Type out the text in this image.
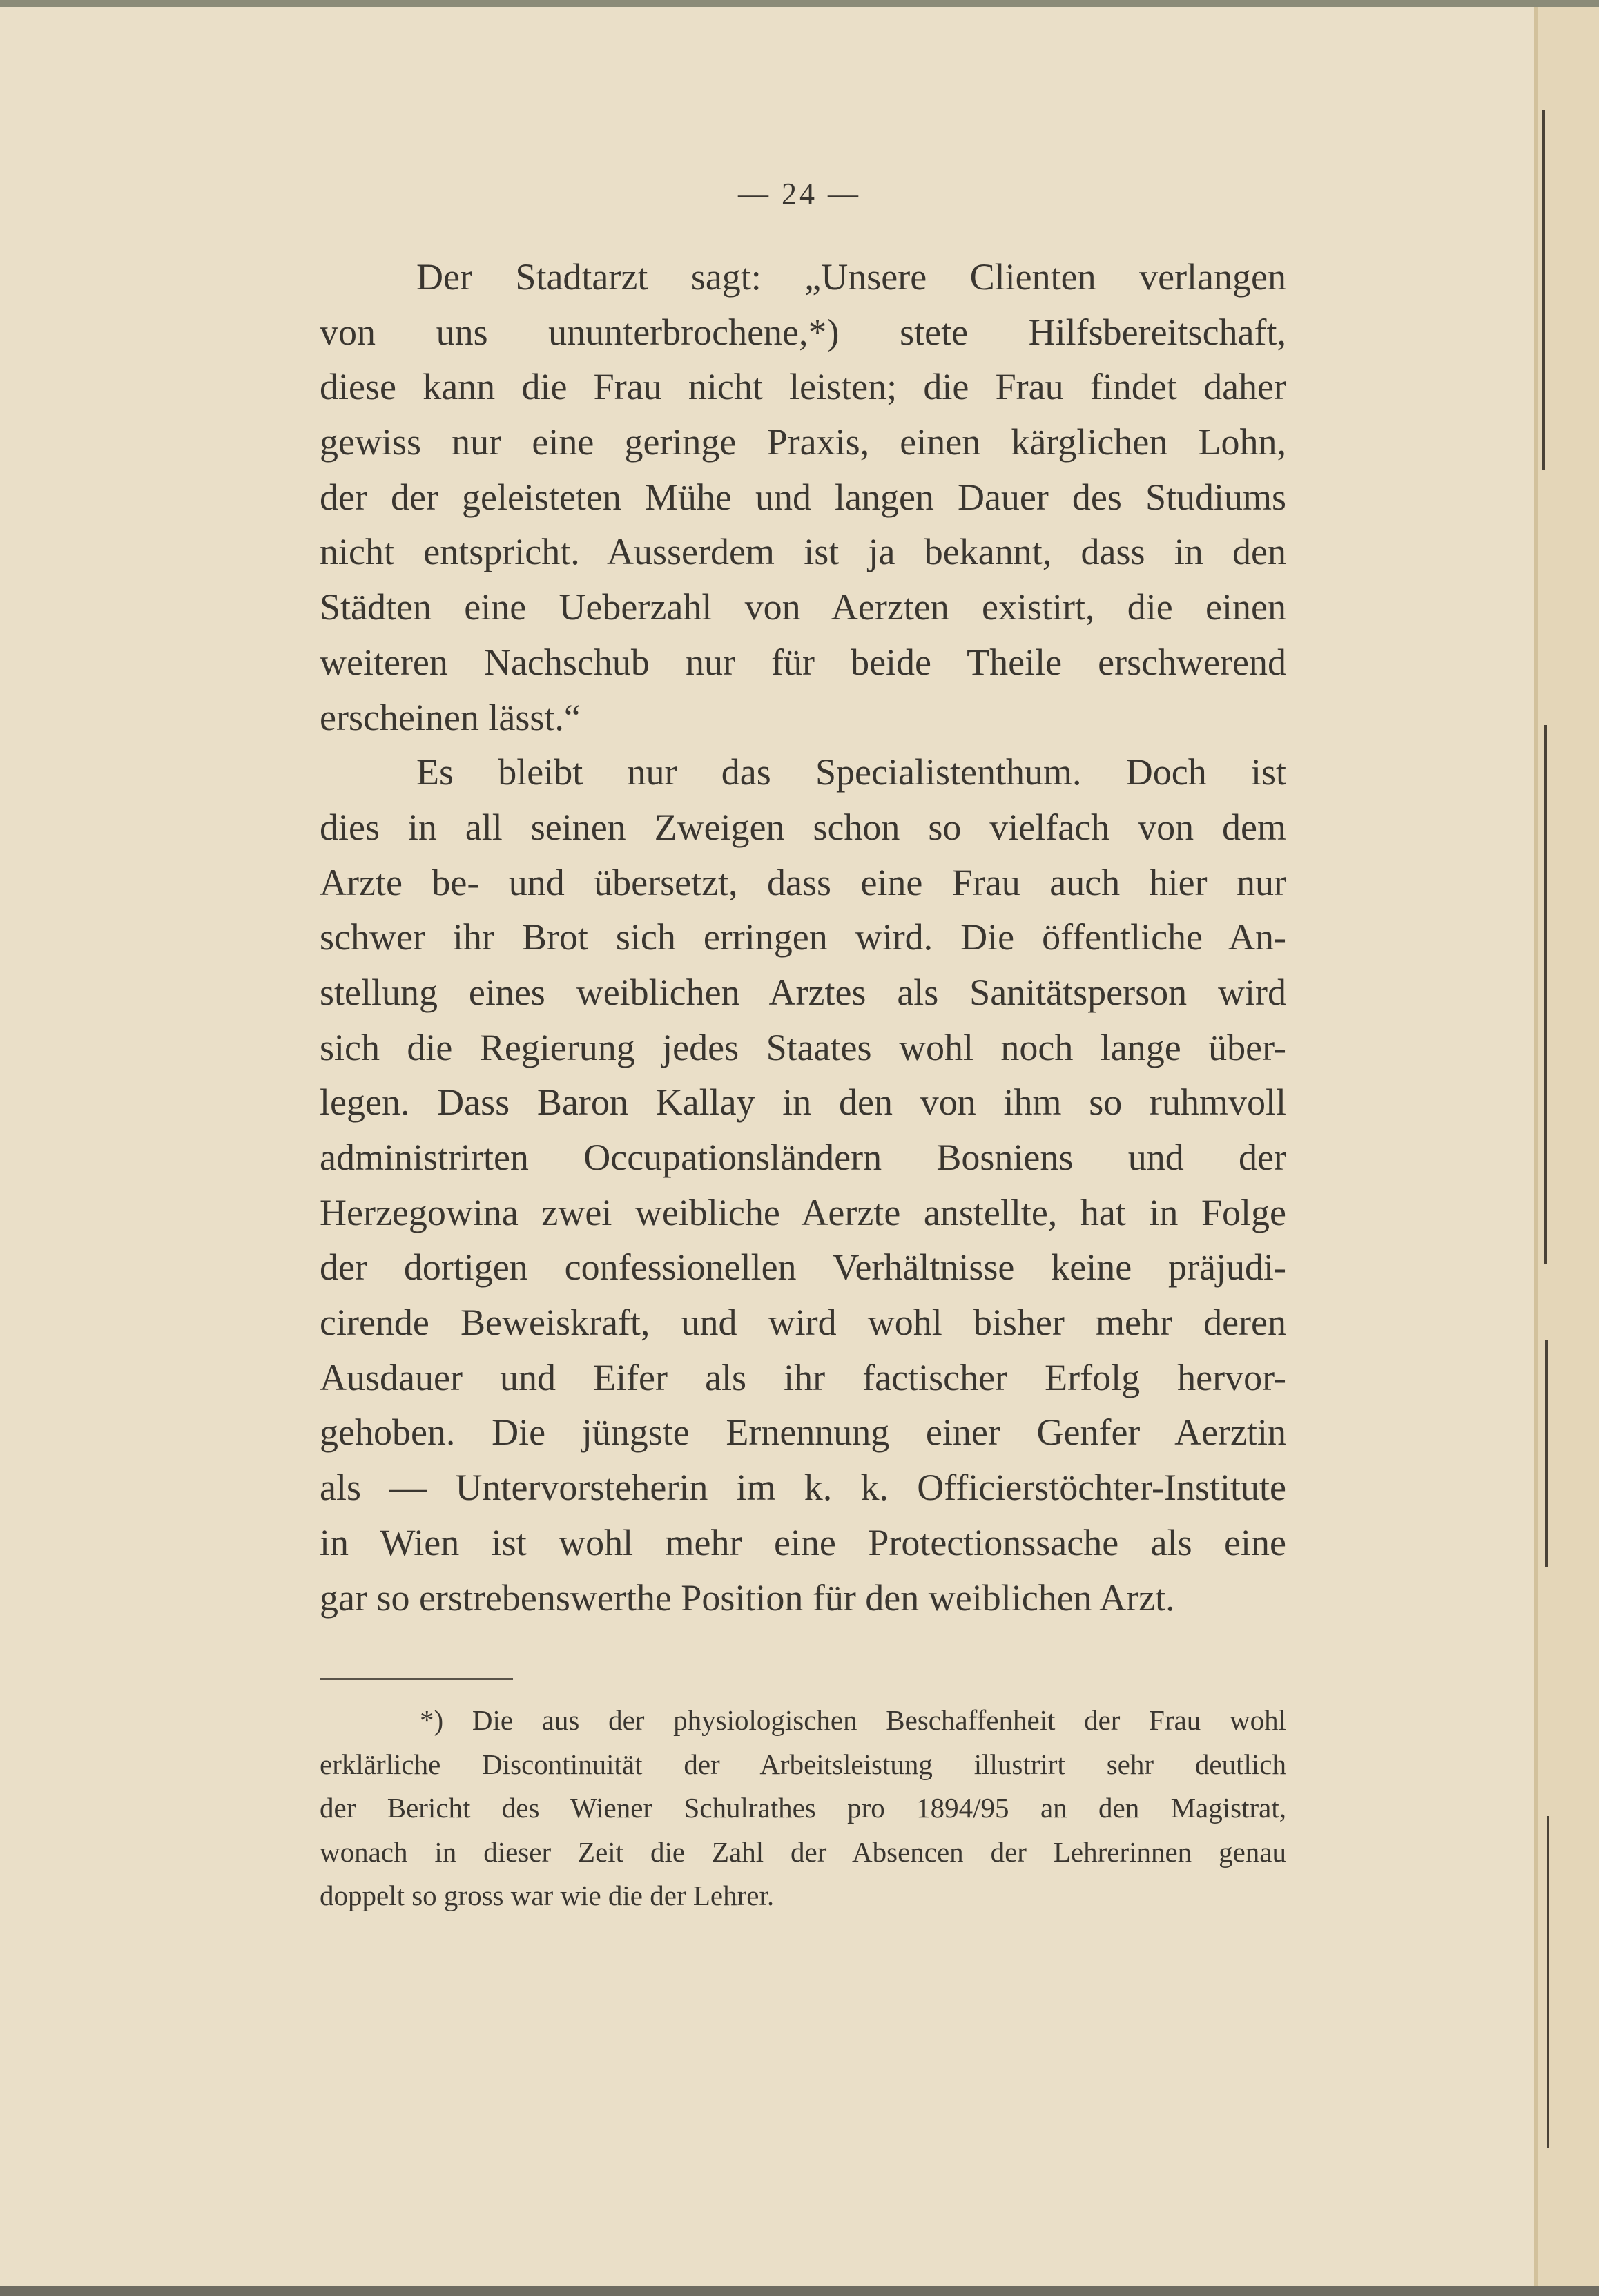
— 24 —
Der Stadtarzt sagt: „Unsere Clienten verlangen
von uns ununterbrochene,*) stete Hilfsbereitschaft,
diese kann die Frau nicht leisten; die Frau findet daher
gewiss nur eine geringe Praxis, einen kärglichen Lohn,
der der geleisteten Mühe und langen Dauer des Studiums
nicht entspricht. Ausserdem ist ja bekannt, dass in den
Städten eine Ueberzahl von Aerzten existirt, die einen
weiteren Nachschub nur für beide Theile erschwerend
erscheinen lässt.“
Es bleibt nur das Specialistenthum. Doch ist
dies in all seinen Zweigen schon so vielfach von dem
Arzte be- und übersetzt, dass eine Frau auch hier nur
schwer ihr Brot sich erringen wird. Die öffentliche An-
stellung eines weiblichen Arztes als Sanitätsperson wird
sich die Regierung jedes Staates wohl noch lange über-
legen. Dass Baron Kallay in den von ihm so ruhmvoll
administrirten Occupationsländern Bosniens und der
Herzegowina zwei weibliche Aerzte anstellte, hat in Folge
der dortigen confessionellen Verhältnisse keine präjudi-
cirende Beweiskraft, und wird wohl bisher mehr deren
Ausdauer und Eifer als ihr factischer Erfolg hervor-
gehoben. Die jüngste Ernennung einer Genfer Aerztin
als — Untervorsteherin im k. k. Officierstöchter-Institute
in Wien ist wohl mehr eine Protectionssache als eine
gar so erstrebenswerthe Position für den weiblichen Arzt.
*) Die aus der physiologischen Beschaffenheit der Frau wohl
erklärliche Discontinuität der Arbeitsleistung illustrirt sehr deutlich
der Bericht des Wiener Schulrathes pro 1894/95 an den Magistrat,
wonach in dieser Zeit die Zahl der Absencen der Lehrerinnen genau
doppelt so gross war wie die der Lehrer.
